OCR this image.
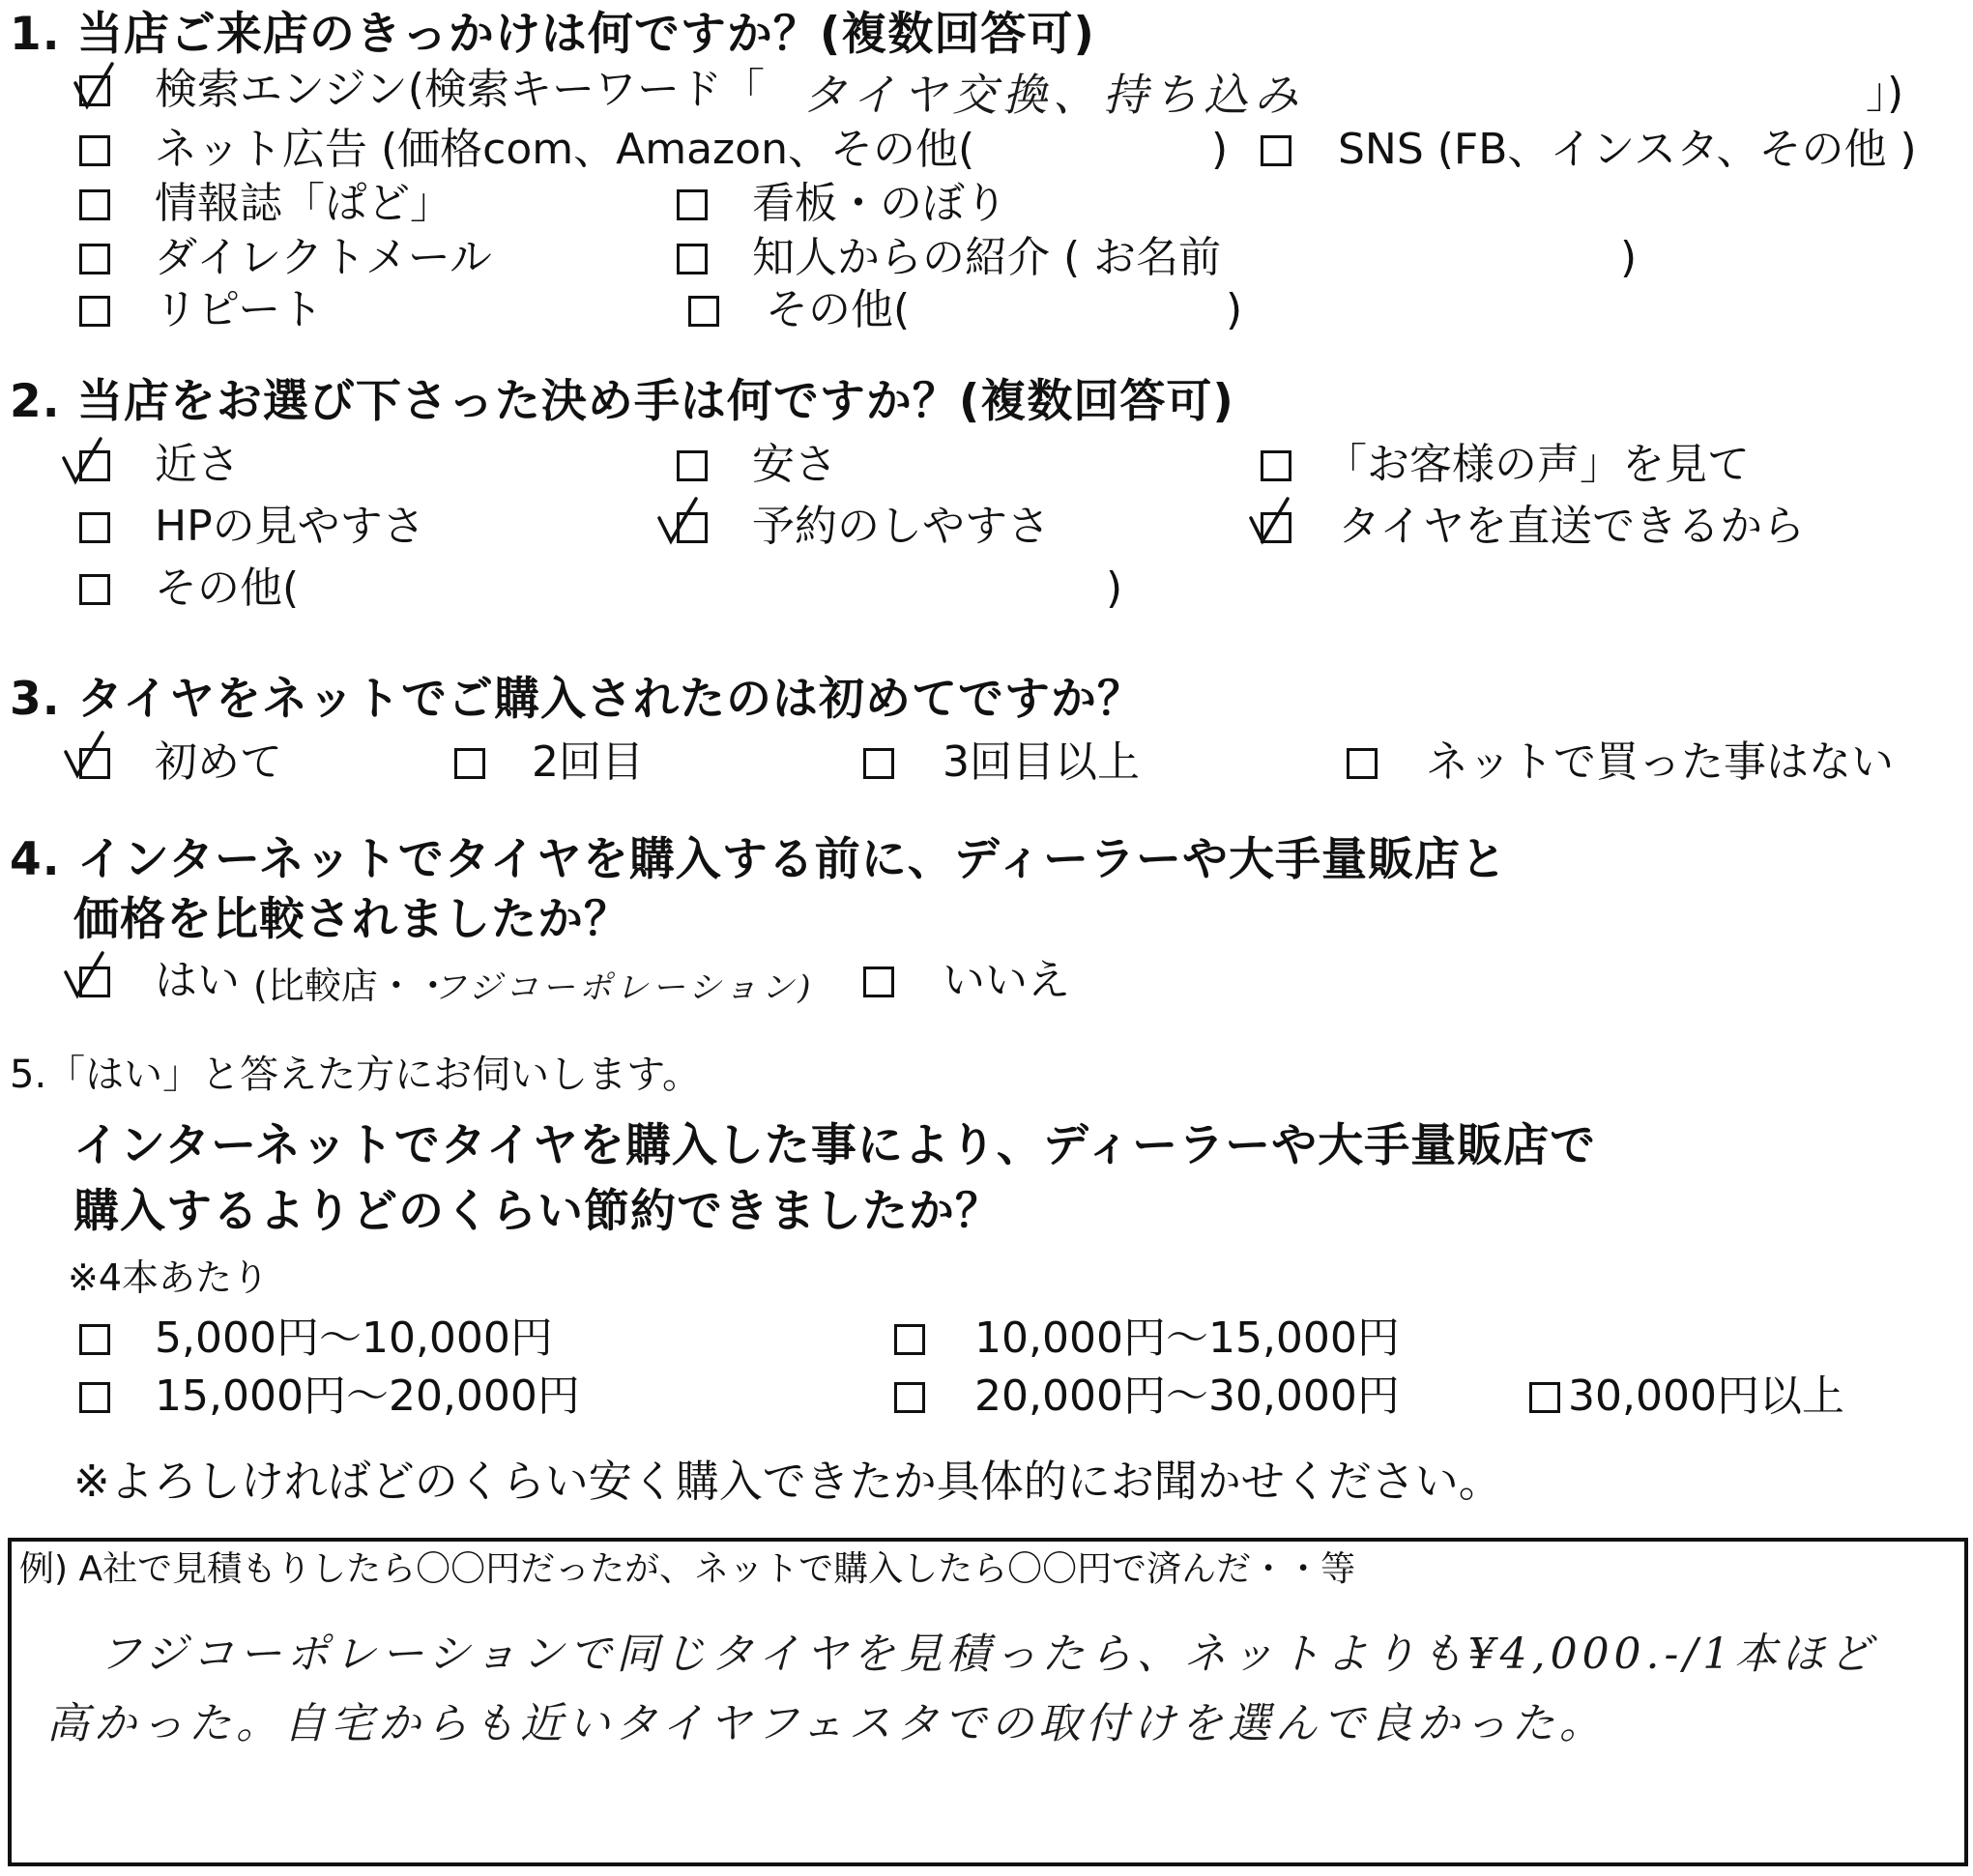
1. 当店ご来店のきっかけは何ですか？(複数回答可)
検索エンジン(検索キーワード「 タイヤ交換、持ち込み	」)
ネット広告 (価格com、Amazon、その他(	)	SNS (FB、インスタ、その他 )
情報誌「ぱど」	看板・のぼり
ダイレクトメール	知人からの紹介 ( お名前	)
リピート	その他(	)
2. 当店をお選び下さった決め手は何ですか？(複数回答可)
近さ	安さ	「お客様の声」を見て
HPの見やすさ	予約のしやすさ	タイヤを直送できるから
その他(	)
3. タイヤをネットでご購入されたのは初めてですか？
初めて	2回目	3回目以上	ネットで買った事はない
4. インターネットでタイヤを購入する前に、ディーラーや大手量販店と
価格を比較されましたか？
はい (比較店・・
フジコーポレーション)	いいえ
5.「はい」と答えた方にお伺いします。
インターネットでタイヤを購入した事により、ディーラーや大手量販店で
購入するよりどのくらい節約できましたか？
※4本あたり
5,000円〜10,000円	10,000円〜15,000円
15,000円〜20,000円	20,000円〜30,000円	30,000円以上
※よろしければどのくらい安く購入できたか具体的にお聞かせください。
例) A社で見積もりしたら〇〇円だったが、ネットで購入したら〇〇円で済んだ・・等
フジコーポレーションで同じタイヤを見積ったら、ネットよりも¥4,000.-/1本ほど
高かった。自宅からも近いタイヤフェスタでの取付けを選んで良かった。
